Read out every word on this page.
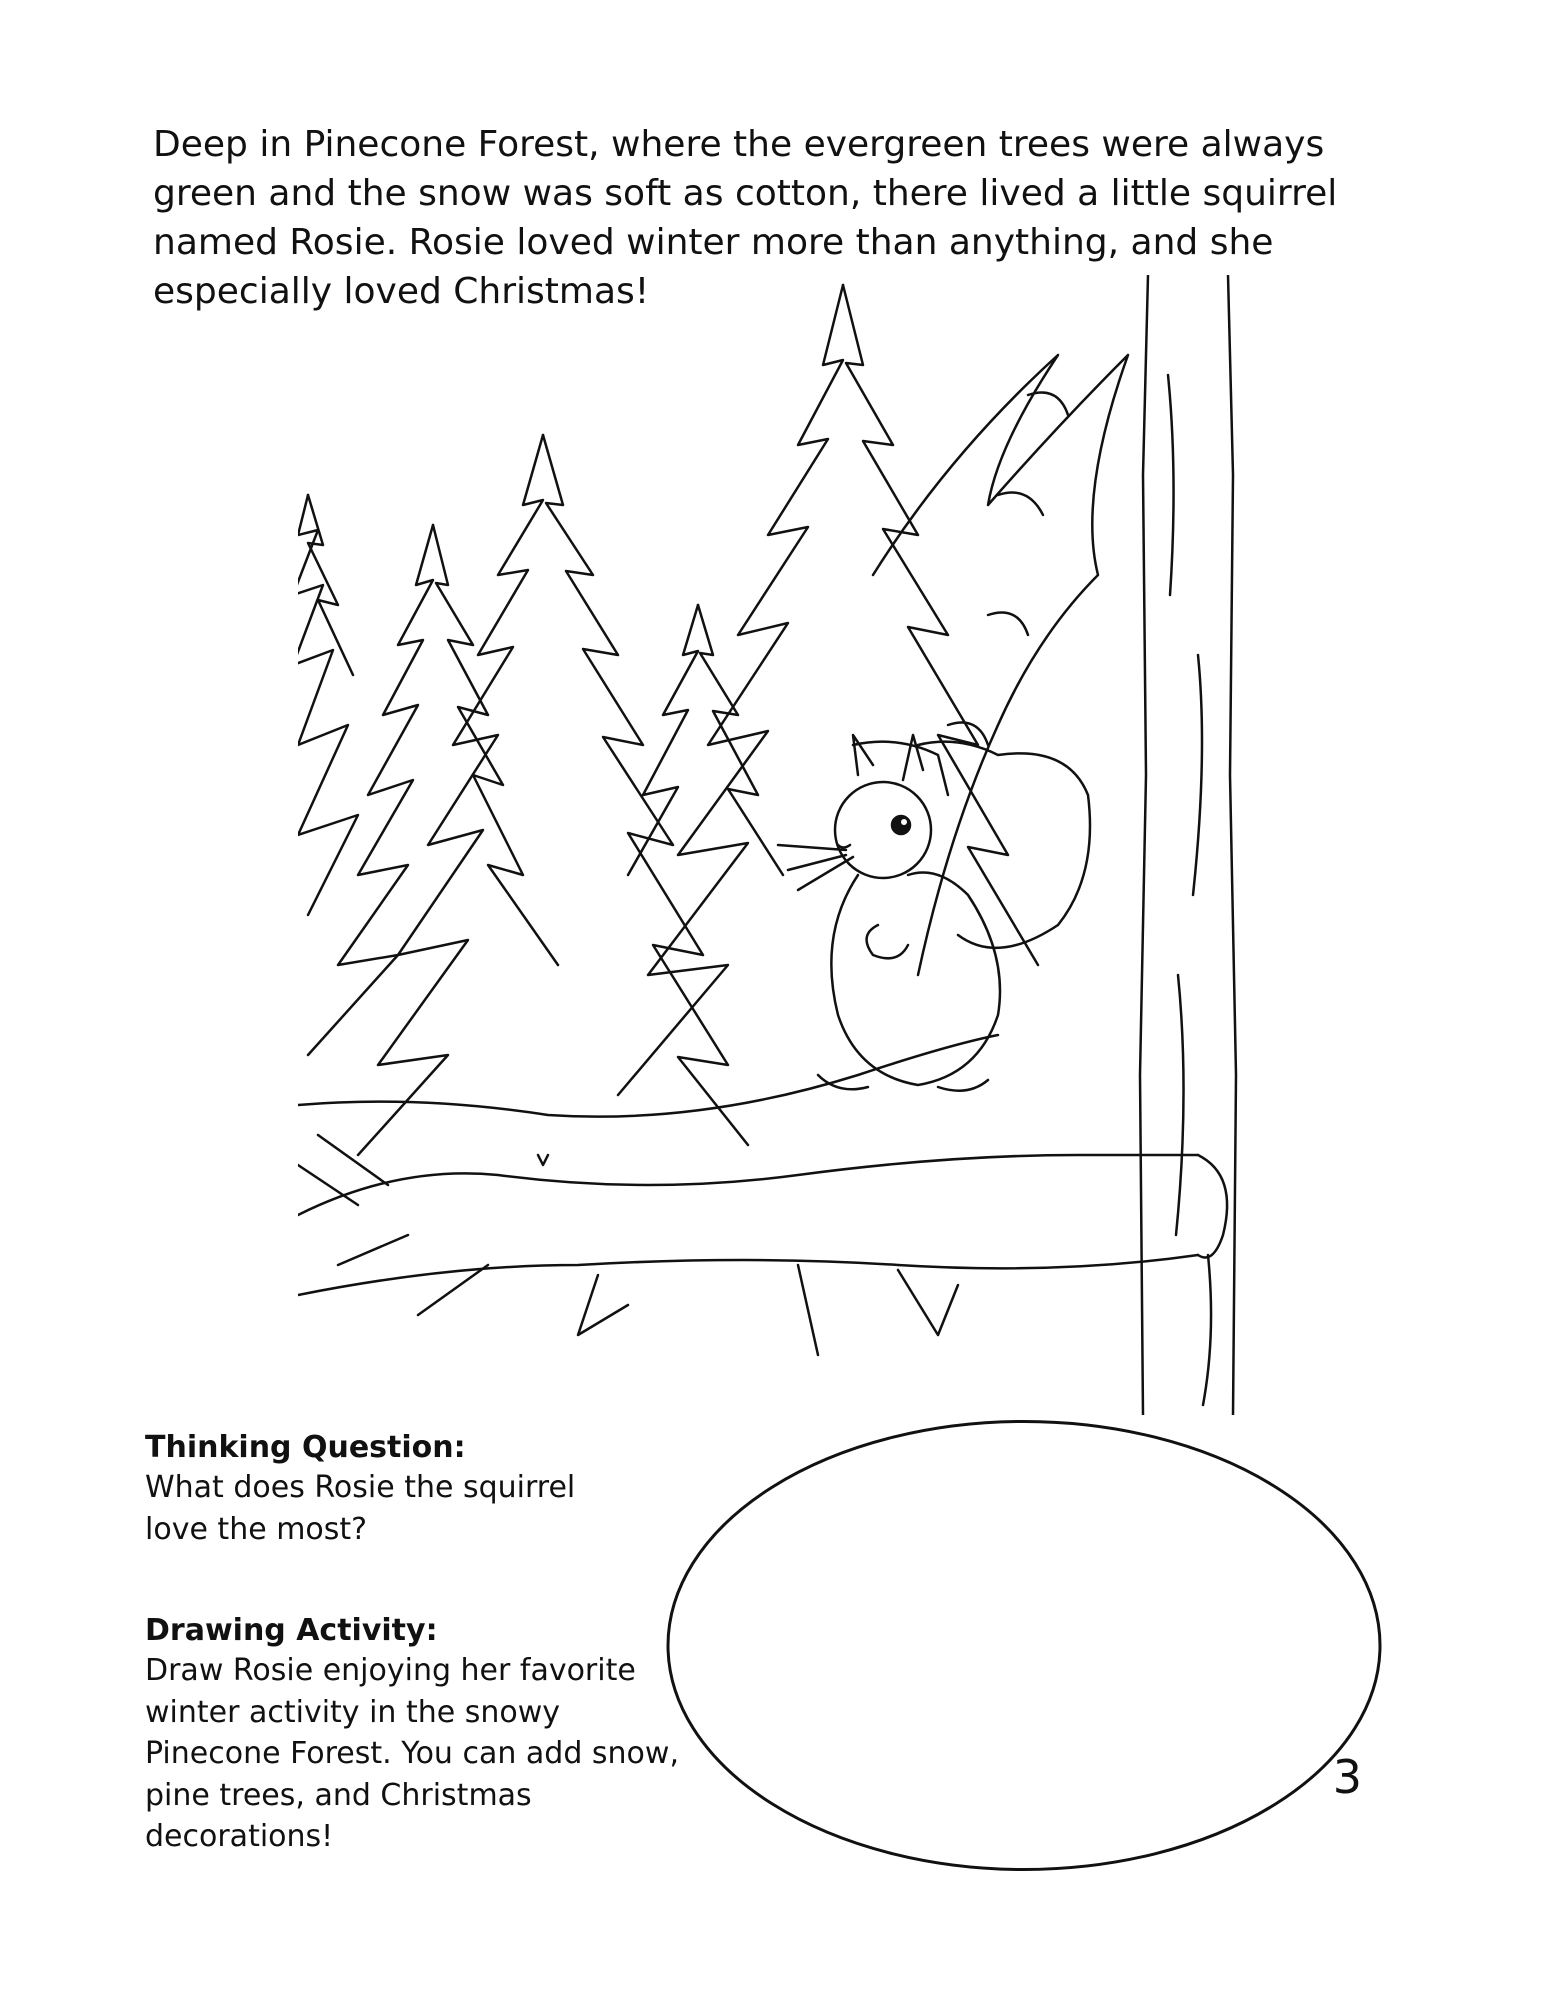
Deep in Pinecone Forest, where the evergreen trees were always green and the snow was soft as cotton, there lived a little squirrel named Rosie. Rosie loved winter more than anything, and she especially loved Christmas!

Thinking Question:

What does Rosie the squirrel love the most?

Drawing Activity:

Draw Rosie enjoying her favorite winter activity in the snowy Pinecone Forest. You can add snow, pine trees, and Christmas decorations!

3
